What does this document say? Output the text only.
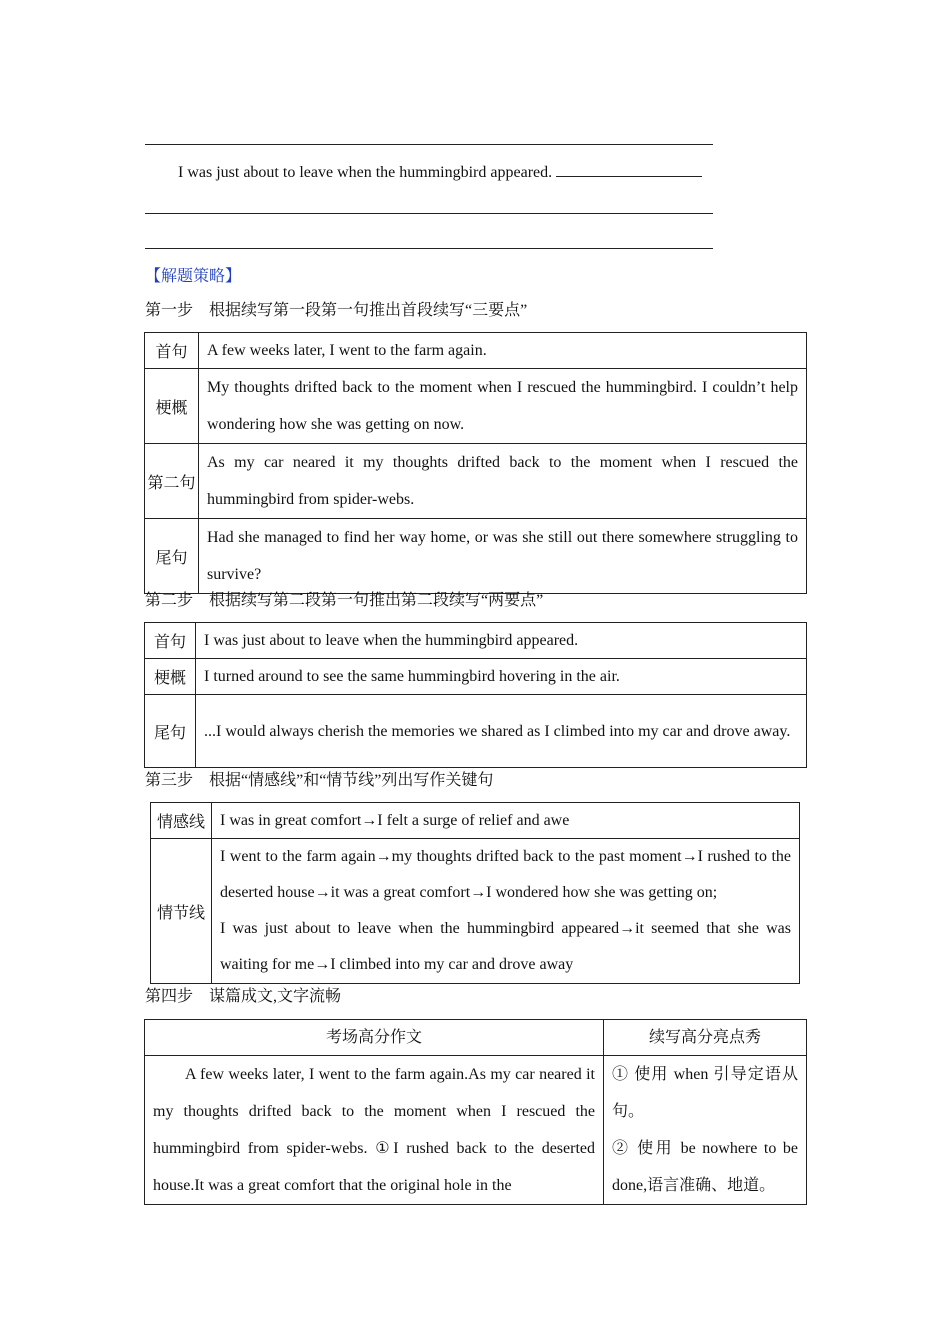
I was just about to leave when the hummingbird appeared.
【解题策略】
第一步　根据续写第一段第一句推出首段续写“三要点”
首句	A few weeks later, I went to the farm again.
梗概	My thoughts drifted back to the moment when I rescued the hummingbird. I couldn’t help wondering how she was getting on now.
第二句	As my car neared it my thoughts drifted back to the moment when I rescued the hummingbird from spider-webs.
尾句	Had she managed to find her way home, or was she still out there somewhere struggling to survive?
第二步　根据续写第二段第一句推出第二段续写“两要点”
首句	I was just about to leave when the hummingbird appeared.
梗概	I turned around to see the same hummingbird hovering in the air.
尾句	...I would always cherish the memories we shared as I climbed into my car and drove away.
第三步　根据“情感线”和“情节线”列出写作关键句
情感线	I was in great comfort→I felt a surge of relief and awe
情节线	I went to the farm again→my thoughts drifted back to the past moment→I rushed to the deserted house→it was a great comfort→I wondered how she was getting on;
I was just about to leave when the hummingbird appeared→it seemed that she was waiting for me→I climbed into my car and drove away
第四步　谋篇成文,文字流畅
考场高分作文	续写高分亮点秀
A few weeks later, I went to the farm again.As my car neared it my thoughts drifted back to the moment when I rescued the hummingbird from spider-webs. ①I rushed back to the deserted house.It was a great comfort that the original hole in the	① 使用 when 引导定语从句。
② 使用 be nowhere to be done,语言准确、地道。
